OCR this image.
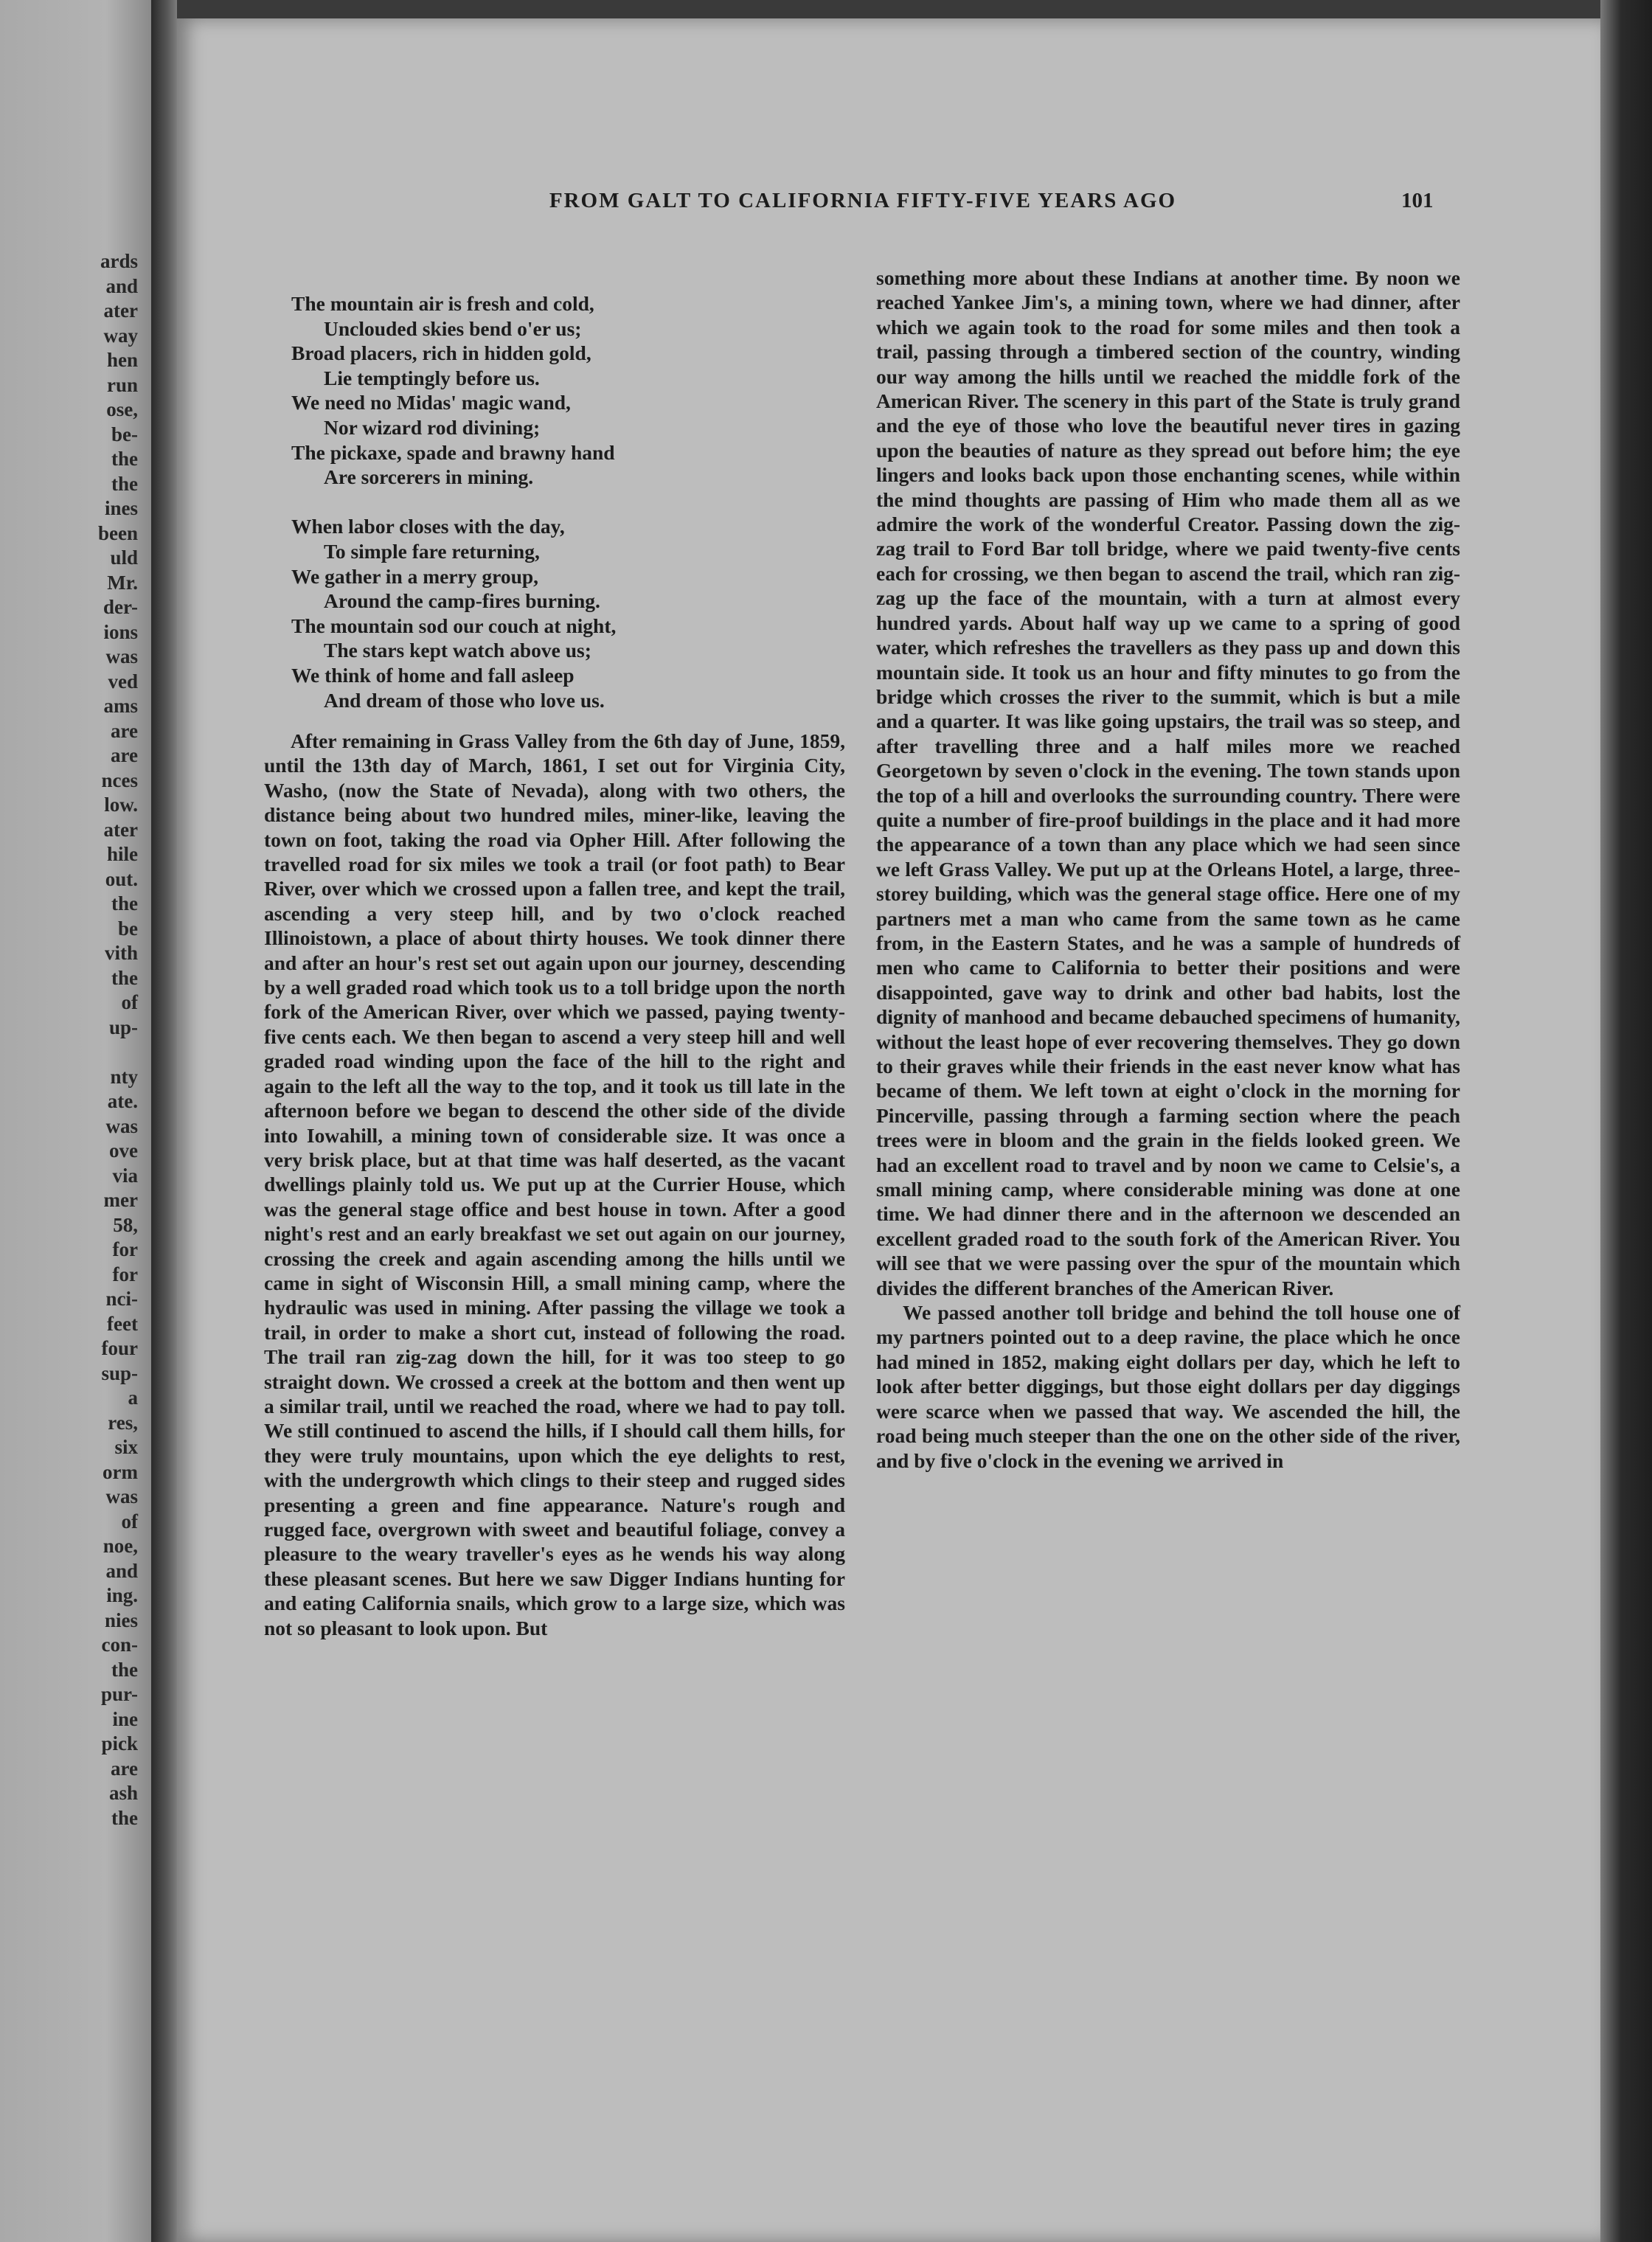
ards
and
ater
way
hen
run
ose,
be-
the
the
ines
been
uld
Mr.
der-
ions
was
ved
ams
are
are
nces
low.
ater
hile
out.
the
be
vith
the
of
up-
nty
ate.
was
ove
via
mer
58,
for
for
nci-
feet
four
sup-
a
res,
six
orm
was
of
noe,
and
ing.
nies
con-
the
pur-
ine
pick
are
ash
the
FROM GALT TO CALIFORNIA FIFTY-FIVE YEARS AGO	101
The mountain air is fresh and cold,
Unclouded skies bend o'er us;
Broad placers, rich in hidden gold,
Lie temptingly before us.
We need no Midas' magic wand,
Nor wizard rod divining;
The pickaxe, spade and brawny hand
Are sorcerers in mining.
When labor closes with the day,
To simple fare returning,
We gather in a merry group,
Around the camp-fires burning.
The mountain sod our couch at night,
The stars kept watch above us;
We think of home and fall asleep
And dream of those who love us.

After remaining in Grass Valley from the 6th day of June, 1859, until the 13th day of March, 1861, I set out for Virginia City, Washo, (now the State of Nevada), along with two others, the distance being about two hundred miles, miner-like, leaving the town on foot, taking the road via Opher Hill. After following the travelled road for six miles we took a trail (or foot path) to Bear River, over which we crossed upon a fallen tree, and kept the trail, ascending a very steep hill, and by two o'clock reached Illinoistown, a place of about thirty houses. We took dinner there and after an hour's rest set out again upon our journey, descending by a well graded road which took us to a toll bridge upon the north fork of the American River, over which we passed, paying twenty-five cents each. We then began to ascend a very steep hill and well graded road winding upon the face of the hill to the right and again to the left all the way to the top, and it took us till late in the afternoon before we began to descend the other side of the divide into Iowahill, a mining town of considerable size. It was once a very brisk place, but at that time was half deserted, as the vacant dwellings plainly told us. We put up at the Currier House, which was the general stage office and best house in town. After a good night's rest and an early breakfast we set out again on our journey, crossing the creek and again ascending among the hills until we came in sight of Wisconsin Hill, a small mining camp, where the hydraulic was used in mining. After passing the village we took a trail, in order to make a short cut, instead of following the road. The trail ran zig-zag down the hill, for it was too steep to go straight down. We crossed a creek at the bottom and then went up a similar trail, until we reached the road, where we had to pay toll. We still continued to ascend the hills, if I should call them hills, for they were truly mountains, upon which the eye delights to rest, with the undergrowth which clings to their steep and rugged sides presenting a green and fine appearance. Nature's rough and rugged face, overgrown with sweet and beautiful foliage, convey a pleasure to the weary traveller's eyes as he wends his way along these pleasant scenes. But here we saw Digger Indians hunting for and eating California snails, which grow to a large size, which was not so pleasant to look upon. But

something more about these Indians at another time. By noon we reached Yankee Jim's, a mining town, where we had dinner, after which we again took to the road for some miles and then took a trail, passing through a timbered section of the country, winding our way among the hills until we reached the middle fork of the American River. The scenery in this part of the State is truly grand and the eye of those who love the beautiful never tires in gazing upon the beauties of nature as they spread out before him; the eye lingers and looks back upon those enchanting scenes, while within the mind thoughts are passing of Him who made them all as we admire the work of the wonderful Creator. Passing down the zig-zag trail to Ford Bar toll bridge, where we paid twenty-five cents each for crossing, we then began to ascend the trail, which ran zig-zag up the face of the mountain, with a turn at almost every hundred yards. About half way up we came to a spring of good water, which refreshes the travellers as they pass up and down this mountain side. It took us an hour and fifty minutes to go from the bridge which crosses the river to the summit, which is but a mile and a quarter. It was like going upstairs, the trail was so steep, and after travelling three and a half miles more we reached Georgetown by seven o'clock in the evening. The town stands upon the top of a hill and overlooks the surrounding country. There were quite a number of fire-proof buildings in the place and it had more the appearance of a town than any place which we had seen since we left Grass Valley. We put up at the Orleans Hotel, a large, three-storey building, which was the general stage office. Here one of my partners met a man who came from the same town as he came from, in the Eastern States, and he was a sample of hundreds of men who came to California to better their positions and were disappointed, gave way to drink and other bad habits, lost the dignity of manhood and became debauched specimens of humanity, without the least hope of ever recovering themselves. They go down to their graves while their friends in the east never know what has became of them. We left town at eight o'clock in the morning for Pincerville, passing through a farming section where the peach trees were in bloom and the grain in the fields looked green. We had an excellent road to travel and by noon we came to Celsie's, a small mining camp, where considerable mining was done at one time. We had dinner there and in the afternoon we descended an excellent graded road to the south fork of the American River. You will see that we were passing over the spur of the mountain which divides the different branches of the American River.

We passed another toll bridge and behind the toll house one of my partners pointed out to a deep ravine, the place which he once had mined in 1852, making eight dollars per day, which he left to look after better diggings, but those eight dollars per day diggings were scarce when we passed that way. We ascended the hill, the road being much steeper than the one on the other side of the river, and by five o'clock in the evening we arrived in
